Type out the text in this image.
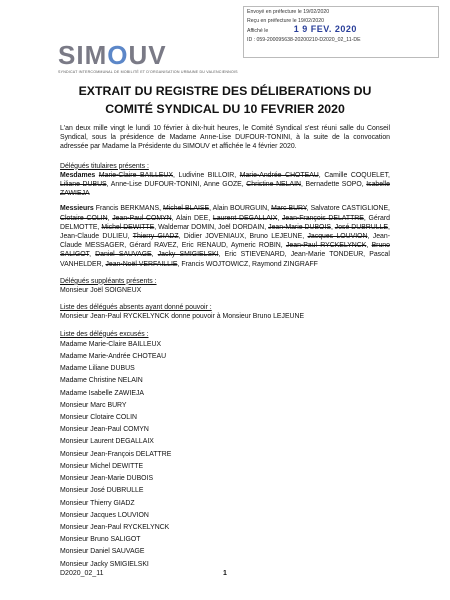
Envoyé en préfecture le 19/02/2020
Reçu en préfecture le 19/02/2020
Affiché le	1 9 FEV. 2020
ID : 059-200095638-20200210-D2020_02_11-DE
SIMOUV
SYNDICAT INTERCOMMUNAL DE MOBILITÉ ET D'ORGANISATION URBAINE DU VALENCIENNOIS
EXTRAIT DU REGISTRE DES DÉLIBERATIONS DU
COMITÉ SYNDICAL DU 10 FEVRIER 2020

L'an deux mille vingt le lundi 10 février à dix-huit heures, le Comité Syndical s'est réuni salle du Conseil Syndical, sous la présidence de Madame Anne-Lise DUFOUR-TONINI, à la suite de la convocation adressée par Madame la Présidente du SIMOUV et affichée le 4 février 2020.

Délégués titulaires présents :

Mesdames Marie-Claire BAILLEUX, Ludivine BILLOIR, Marie-Andrée CHOTEAU, Camille COQUELET, Liliane DUBUS, Anne-Lise DUFOUR-TONINI, Anne GOZE, Christine NELAIN, Bernadette SOPO, Isabelle ZAWIEJA

Messieurs Francis BERKMANS, Michel BLAISE, Alain BOURGUIN, Marc BURY, Salvatore CASTIGLIONE, Clotaire COLIN, Jean-Paul COMYN, Alain DEE, Laurent DEGALLAIX, Jean-François DELATTRE, Gérard DELMOTTE, Michel DEWITTE, Waldemar DOMIN, Joël DORDAIN, Jean-Marie DUBOIS, José DUBRULLE, Jean-Claude DULIEU, Thierry GIADZ, Didier JOVENIAUX, Bruno LEJEUNE, Jacques LOUVION, Jean-Claude MESSAGER, Gérard RAVEZ, Eric RENAUD, Aymeric ROBIN, Jean-Paul RYCKELYNCK, Bruno SALIGOT, Daniel SAUVAGE, Jacky SMIGIELSKI, Eric STIEVENARD, Jean-Marie TONDEUR, Pascal VANHELDER, Jean-Noël VERFAILLIE, Francis WOJTOWICZ, Raymond ZINGRAFF

Délégués suppléants présents :

Monsieur Joël SOIGNEUX

Liste des délégués absents ayant donné pouvoir :

Monsieur Jean-Paul RYCKELYNCK donne pouvoir à Monsieur Bruno LEJEUNE

Liste des délégués excusés :

Madame Marie-Claire BAILLEUX
Madame Marie-Andrée CHOTEAU
Madame Liliane DUBUS
Madame Christine NELAIN
Madame Isabelle ZAWIEJA
Monsieur Marc BURY
Monsieur Clotaire COLIN
Monsieur Jean-Paul COMYN
Monsieur Laurent DEGALLAIX
Monsieur Jean-François DELATTRE
Monsieur Michel DEWITTE
Monsieur Jean-Marie DUBOIS
Monsieur José DUBRULLE
Monsieur Thierry GIADZ
Monsieur Jacques LOUVION
Monsieur Jean-Paul RYCKELYNCK
Monsieur Bruno SALIGOT
Monsieur Daniel SAUVAGE
Monsieur Jacky SMIGIELSKI
D2020_02_11	1
